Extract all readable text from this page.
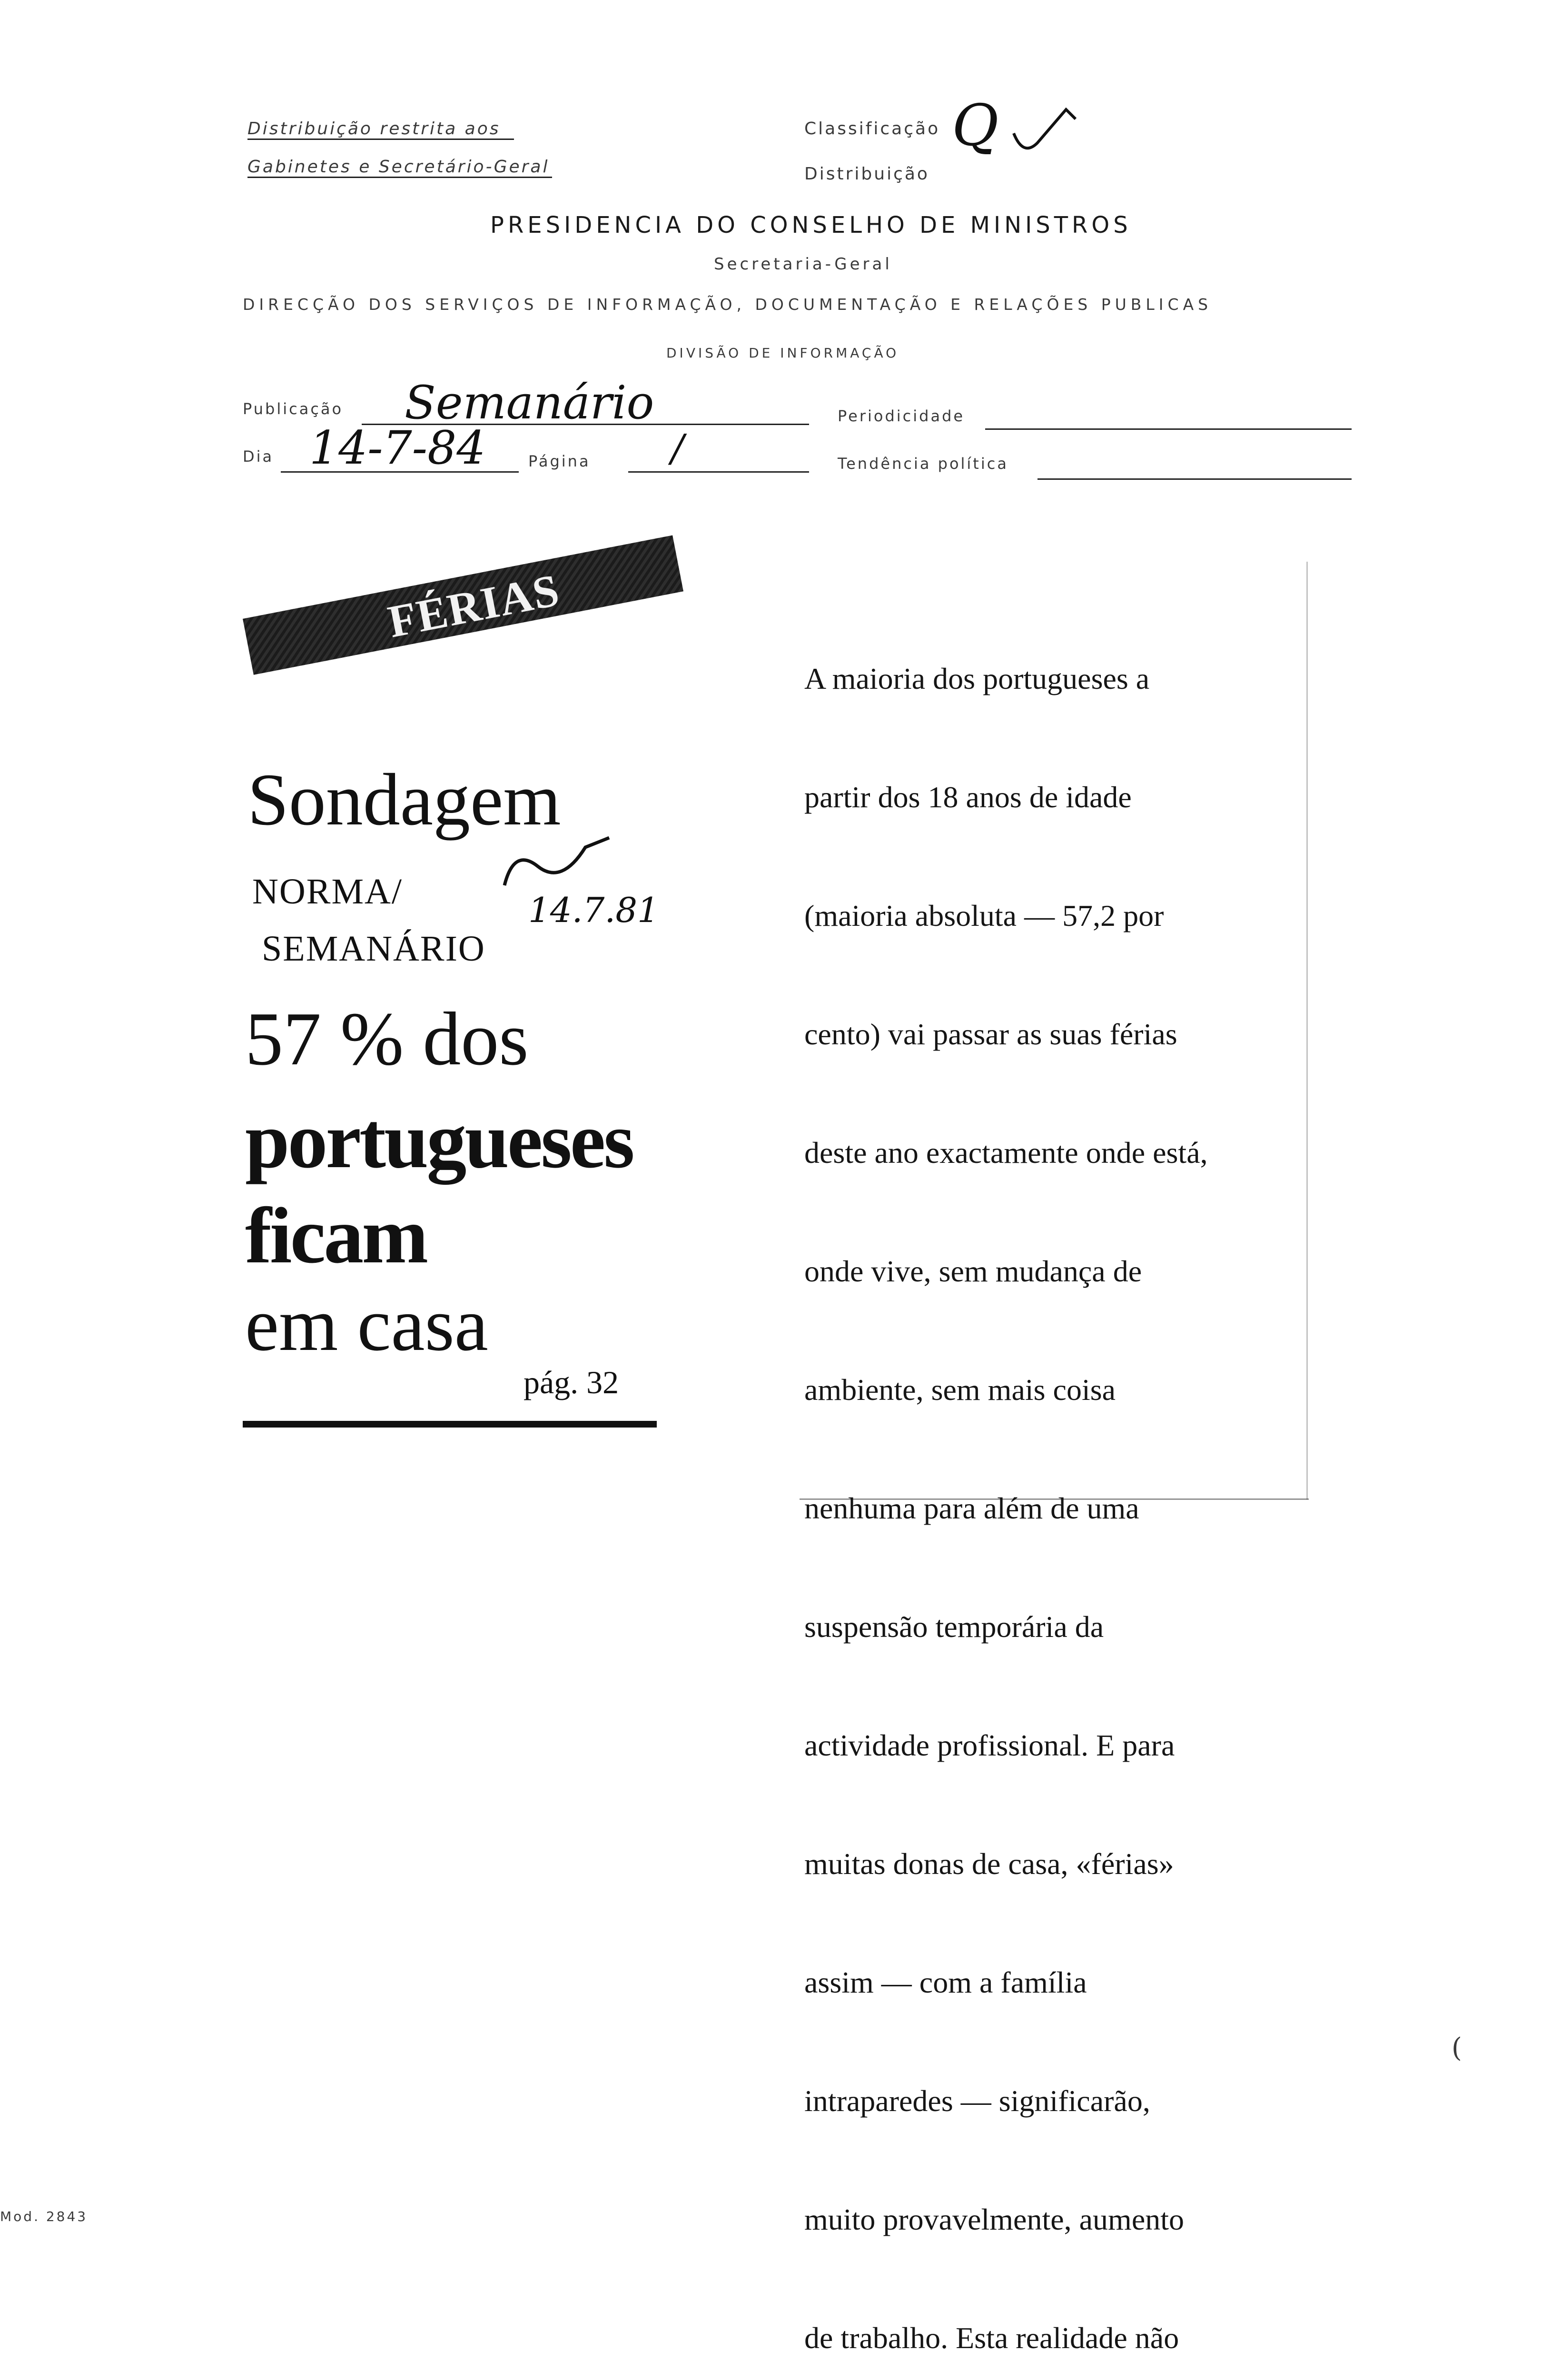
Distribuição restrita aos
Gabinetes e Secretário-Geral
Classificação
Distribuição
Q
PRESIDENCIA DO CONSELHO DE MINISTROS
Secretaria-Geral
DIRECÇÃO DOS SERVIÇOS DE INFORMAÇÃO, DOCUMENTAÇÃO E RELAÇÕES PUBLICAS
DIVISÃO DE INFORMAÇÃO
Publicação Semanário	Periodicidade
Dia 14-7-84	Página /	Tendência política
FÉRIAS
Sondagem
NORMA/
SEMANÁRIO
14.7.81
57 % dos
portugueses
ficam
em casa
pág. 32

A maioria dos portugueses a

partir dos 18 anos de idade

(maioria absoluta — 57,2 por

cento) vai passar as suas férias

deste ano exactamente onde está,

onde vive, sem mudança de

ambiente, sem mais coisa

nenhuma para além de uma

suspensão temporária da

actividade profissional. E para

muitas donas de casa, «férias»

assim — com a família

intraparedes — significarão,

muito provavelmente, aumento

de trabalho. Esta realidade não

Mod. 2843
(
